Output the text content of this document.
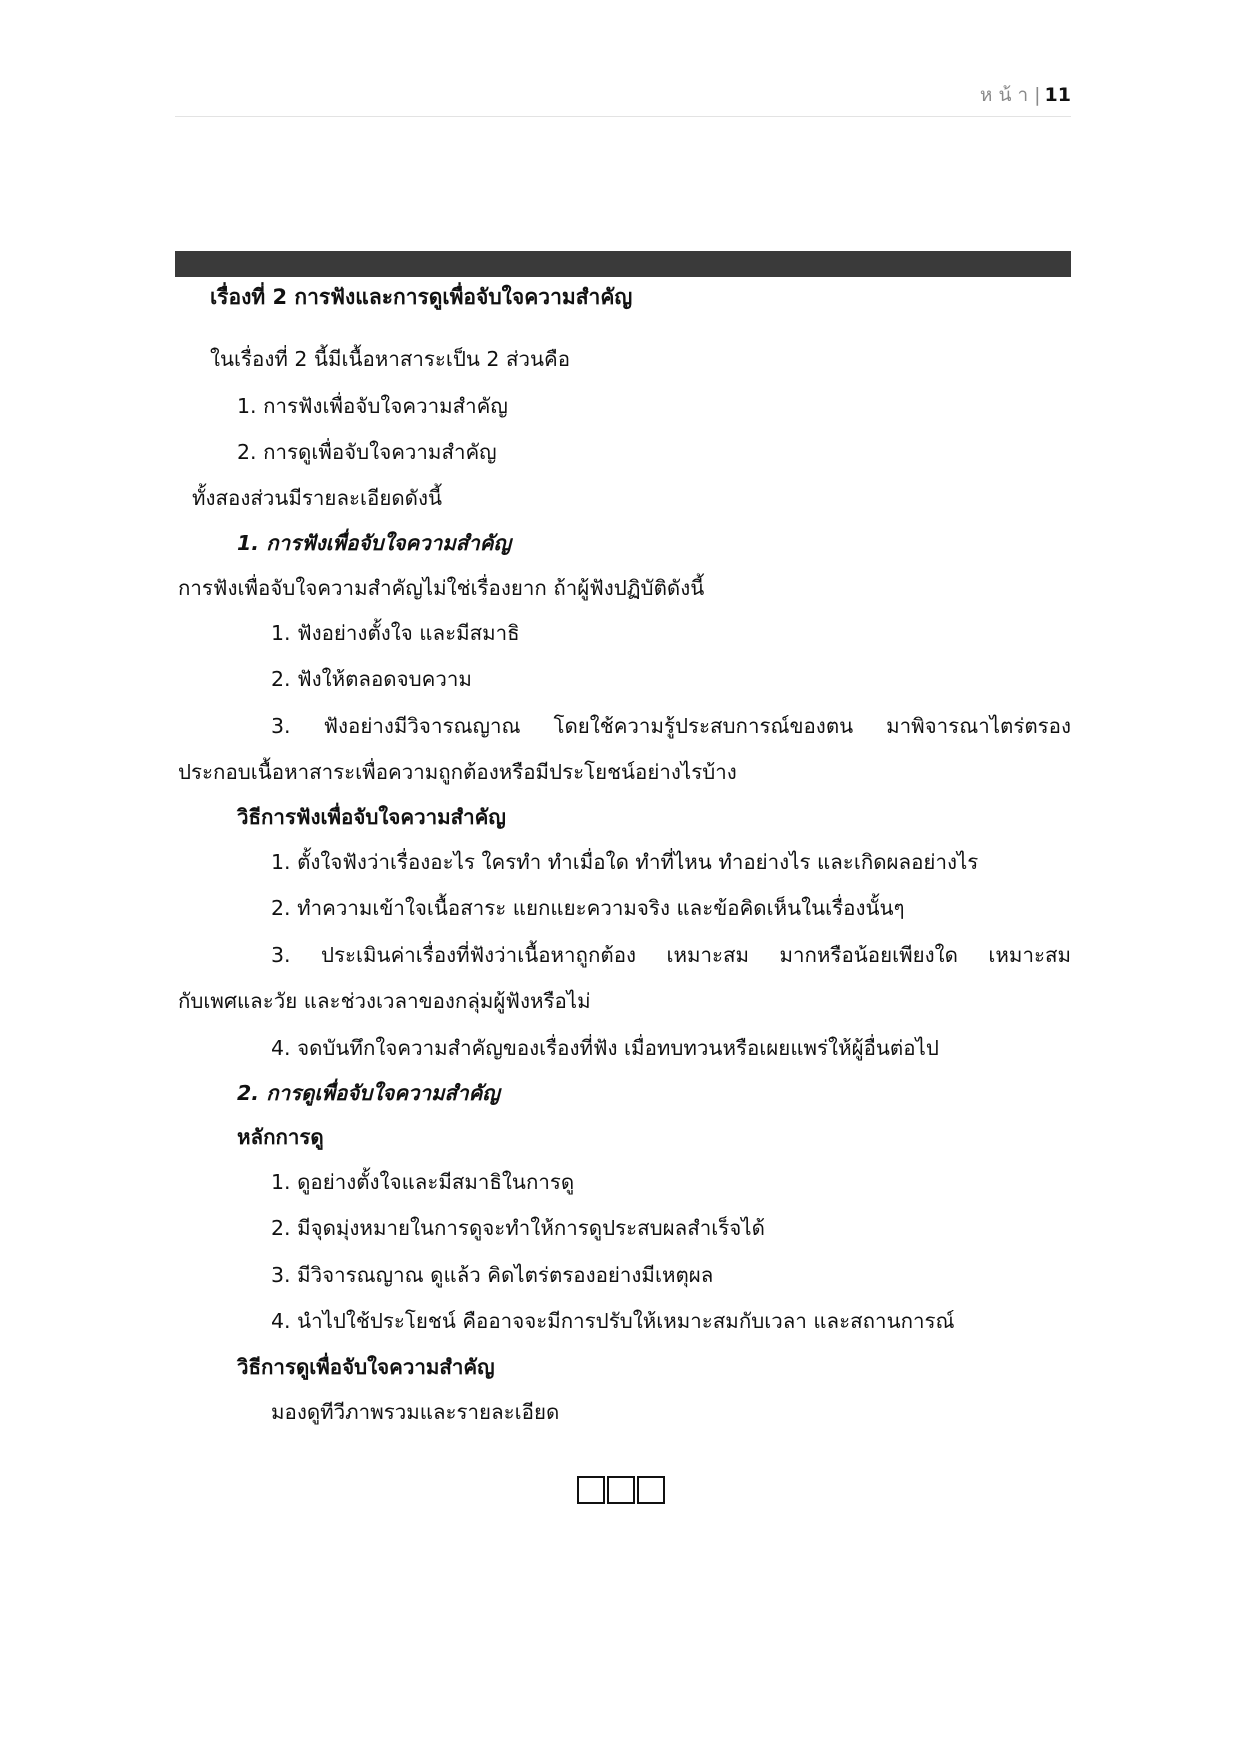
ห น้ า | 11
เรื่องที่ 2 การฟังและการดูเพื่อจับใจความสำคัญ
ในเรื่องที่ 2 นี้มีเนื้อหาสาระเป็น 2 ส่วนคือ
1. การฟังเพื่อจับใจความสำคัญ
2. การดูเพื่อจับใจความสำคัญ
ทั้งสองส่วนมีรายละเอียดดังนี้
1. การฟังเพื่อจับใจความสำคัญ
การฟังเพื่อจับใจความสำคัญไม่ใช่เรื่องยาก ถ้าผู้ฟังปฏิบัติดังนี้
1. ฟังอย่างตั้งใจ และมีสมาธิ
2. ฟังให้ตลอดจบความ
3. ฟังอย่างมีวิจารณญาณ โดยใช้ความรู้ประสบการณ์ของตน มาพิจารณาไตร่ตรอง
ประกอบเนื้อหาสาระเพื่อความถูกต้องหรือมีประโยชน์อย่างไรบ้าง
วิธีการฟังเพื่อจับใจความสำคัญ
1. ตั้งใจฟังว่าเรื่องอะไร ใครทำ ทำเมื่อใด ทำที่ไหน ทำอย่างไร และเกิดผลอย่างไร
2. ทำความเข้าใจเนื้อสาระ แยกแยะความจริง และข้อคิดเห็นในเรื่องนั้นๆ
3. ประเมินค่าเรื่องที่ฟังว่าเนื้อหาถูกต้อง เหมาะสม มากหรือน้อยเพียงใด เหมาะสม
กับเพศและวัย และช่วงเวลาของกลุ่มผู้ฟังหรือไม่
4. จดบันทึกใจความสำคัญของเรื่องที่ฟัง เมื่อทบทวนหรือเผยแพร่ให้ผู้อื่นต่อไป
2. การดูเพื่อจับใจความสำคัญ
หลักการดู
1. ดูอย่างตั้งใจและมีสมาธิในการดู
2. มีจุดมุ่งหมายในการดูจะทำให้การดูประสบผลสำเร็จได้
3. มีวิจารณญาณ ดูแล้ว คิดไตร่ตรองอย่างมีเหตุผล
4. นำไปใช้ประโยชน์ คืออาจจะมีการปรับให้เหมาะสมกับเวลา และสถานการณ์
วิธีการดูเพื่อจับใจความสำคัญ
มองดูทีวีภาพรวมและรายละเอียด
